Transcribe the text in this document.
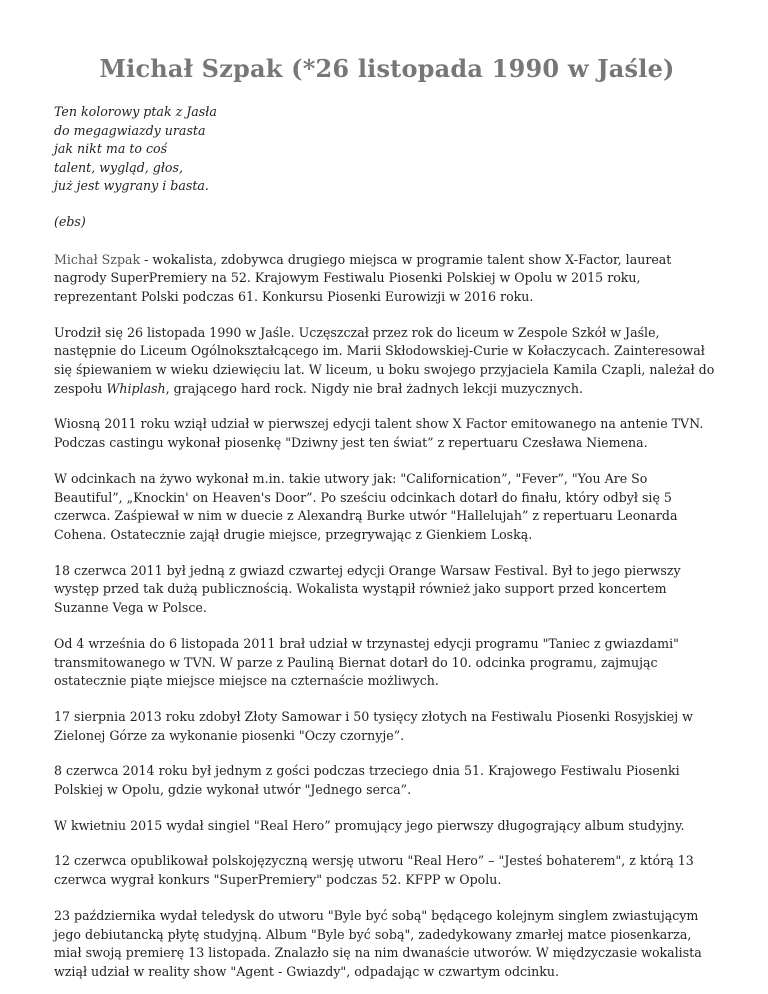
Michał Szpak (*26 listopada 1990 w Jaśle)
Ten kolorowy ptak z Jasła
do megagwiazdy urasta
jak nikt ma to coś
talent, wygląd, głos,
już jest wygrany i basta.
(ebs)

Michał Szpak - wokalista, zdobywca drugiego miejsca w programie talent show X-Factor, laureat nagrody SuperPremiery na 52. Krajowym Festiwalu Piosenki Polskiej w Opolu w 2015 roku, reprezentant Polski podczas 61. Konkursu Piosenki Eurowizji w 2016 roku.

Urodził się 26 listopada 1990 w Jaśle. Uczęszczał przez rok do liceum w Zespole Szkół w Jaśle, następnie do Liceum Ogólnokształcącego im. Marii Skłodowskiej-Curie w Kołaczycach. Zainteresował się śpiewaniem w wieku dziewięciu lat. W liceum, u boku swojego przyjaciela Kamila Czapli, należał do zespołu Whiplash, grającego hard rock. Nigdy nie brał żadnych lekcji muzycznych.

Wiosną 2011 roku wziął udział w pierwszej edycji talent show X Factor emitowanego na antenie TVN. Podczas castingu wykonał piosenkę "Dziwny jest ten świat” z repertuaru Czesława Niemena.

W odcinkach na żywo wykonał m.in. takie utwory jak: "Californication”, "Fever”, "You Are So Beautiful”, „Knockin' on Heaven's Door”. Po sześciu odcinkach dotarł do finału, który odbył się 5 czerwca. Zaśpiewał w nim w duecie z Alexandrą Burke utwór "Hallelujah” z repertuaru Leonarda Cohena. Ostatecznie zajął drugie miejsce, przegrywając z Gienkiem Loską.

18 czerwca 2011 był jedną z gwiazd czwartej edycji Orange Warsaw Festival. Był to jego pierwszy występ przed tak dużą publicznością. Wokalista wystąpił również jako support przed koncertem Suzanne Vega w Polsce.

Od 4 września do 6 listopada 2011 brał udział w trzynastej edycji programu "Taniec z gwiazdami" transmitowanego w TVN. W parze z Pauliną Biernat dotarł do 10. odcinka programu, zajmując ostatecznie piąte miejsce miejsce na czternaście możliwych.

17 sierpnia 2013 roku zdobył Złoty Samowar i 50 tysięcy złotych na Festiwalu Piosenki Rosyjskiej w Zielonej Górze za wykonanie piosenki "Oczy czornyje”.

8 czerwca 2014 roku był jednym z gości podczas trzeciego dnia 51. Krajowego Festiwalu Piosenki Polskiej w Opolu, gdzie wykonał utwór "Jednego serca”.

W kwietniu 2015 wydał singiel "Real Hero” promujący jego pierwszy długogrający album studyjny.

12 czerwca opublikował polskojęzyczną wersję utworu "Real Hero” – "Jesteś bohaterem", z którą 13 czerwca wygrał konkurs "SuperPremiery" podczas 52. KFPP w Opolu.

23 października wydał teledysk do utworu "Byle być sobą" będącego kolejnym singlem zwiastującym jego debiutancką płytę studyjną. Album "Byle być sobą", zadedykowany zmarłej matce piosenkarza, miał swoją premierę 13 listopada. Znalazło się na nim dwanaście utworów. W międzyczasie wokalista wziął udział w reality show "Agent - Gwiazdy", odpadając w czwartym odcinku.
